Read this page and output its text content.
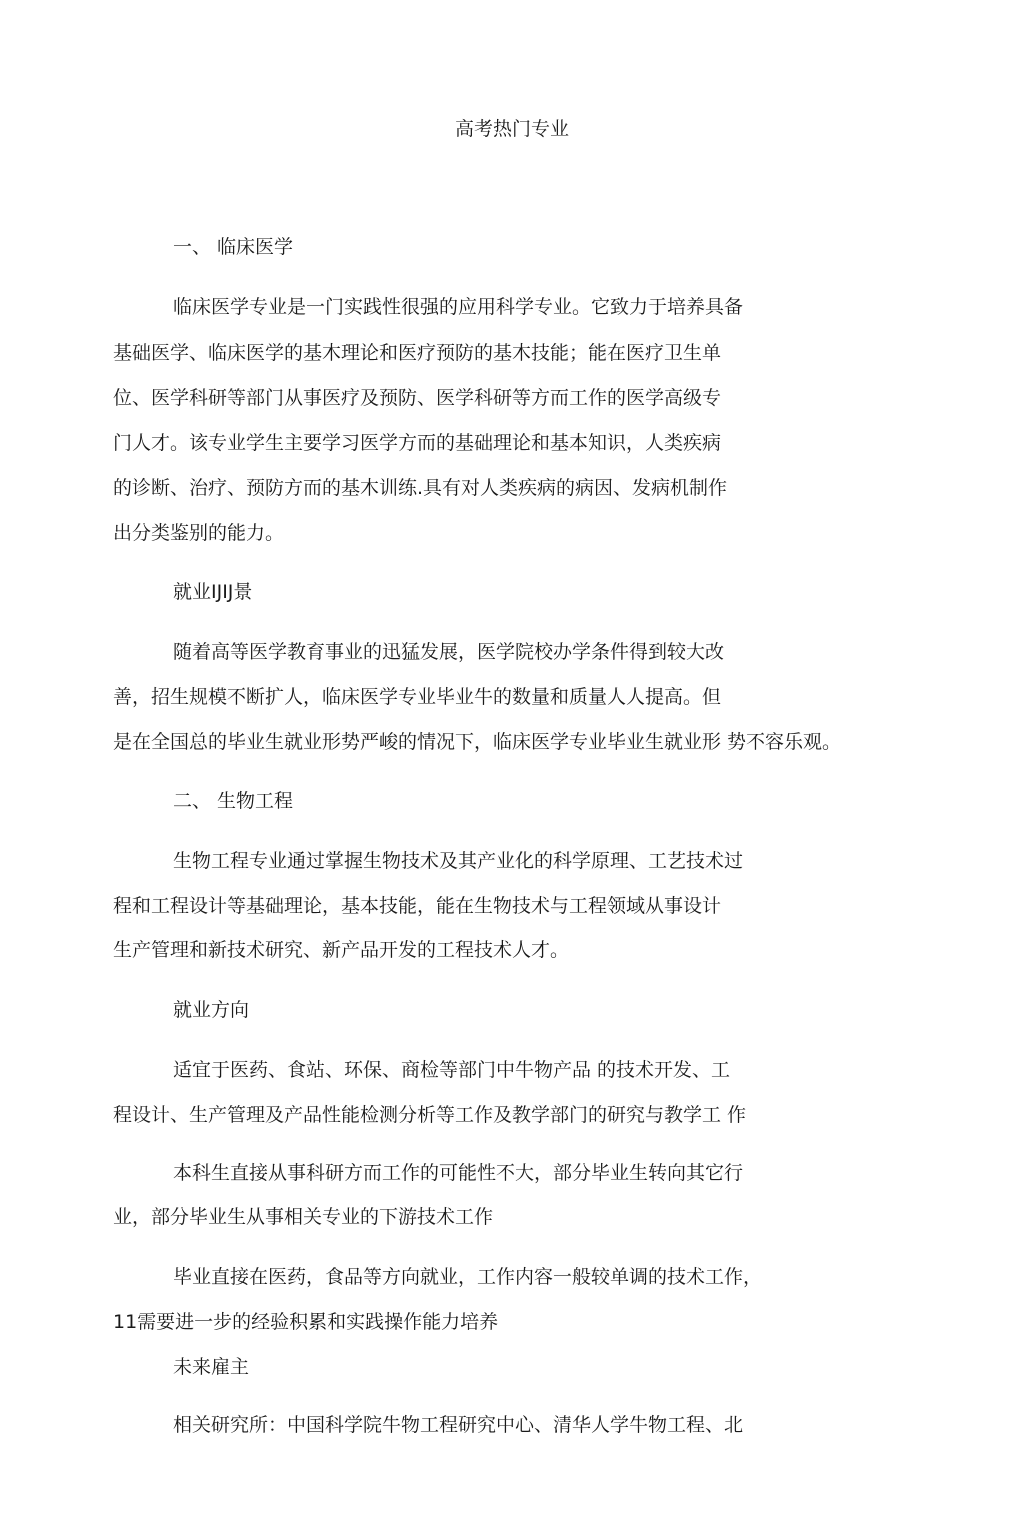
高考热门专业
一、 临床医学
临床医学专业是一门实践性很强的应用科学专业。它致力于培养具备
基础医学、临床医学的基木理论和医疗预防的基木技能；能在医疗卫生单
位、医学科研等部门从事医疗及预防、医学科研等方而工作的医学高级专
门人才。该专业学生主要学习医学方而的基础理论和基本知识，人类疾病
的诊断、治疗、预防方而的基木训练.具有对人类疾病的病因、发病机制作
出分类鉴别的能力。
就业IJIJ景
随着高等医学教育事业的迅猛发展，医学院校办学条件得到较大改
善，招生规模不断扩人，临床医学专业毕业牛的数量和质量人人提高。但
是在全国总的毕业生就业形势严峻的情况下，临床医学专业毕业生就业形 势不容乐观。
二、 生物工程
生物工程专业通过掌握生物技术及其产业化的科学原理、工艺技术过
程和工程设计等基础理论，基本技能，能在生物技术与工程领域从事设计
生产管理和新技术研究、新产品开发的工程技术人才。
就业方向
适宜于医药、食站、环保、商检等部门中牛物产品 的技术开发、工
程设计、生产管理及产品性能检测分析等工作及教学部门的研究与教学工 作
本科生直接从事科研方而工作的可能性不大，部分毕业生转向其它行
业，部分毕业生从事相关专业的下游技术工作
毕业直接在医药，食品等方向就业，工作内容一般较单调的技术工作，
11需要进一步的经验积累和实践操作能力培养
未来雇主
相关研究所：中国科学院牛物工程研究中心、清华人学牛物工程、北
